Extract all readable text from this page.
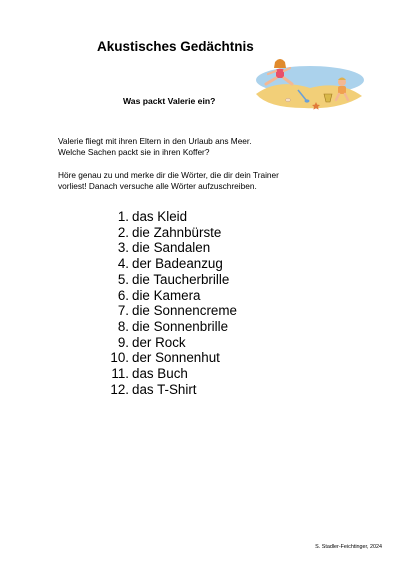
Akustisches Gedächtnis
Was packt Valerie ein?

Valerie fliegt mit ihren Eltern in den Urlaub ans Meer.

Welche Sachen packt sie in ihren Koffer?

Höre genau zu und merke dir die Wörter, die dir dein Trainer

vorliest! Danach versuche alle Wörter aufzuschreiben.

1. das Kleid
2. die Zahnbürste
3. die Sandalen
4. der Badeanzug
5. die Taucherbrille
6. die Kamera
7. die Sonnencreme
8. die Sonnenbrille
9. der Rock
10. der Sonnenhut
11. das Buch
12. das T-Shirt
S. Stadler-Feichtinger, 2024
